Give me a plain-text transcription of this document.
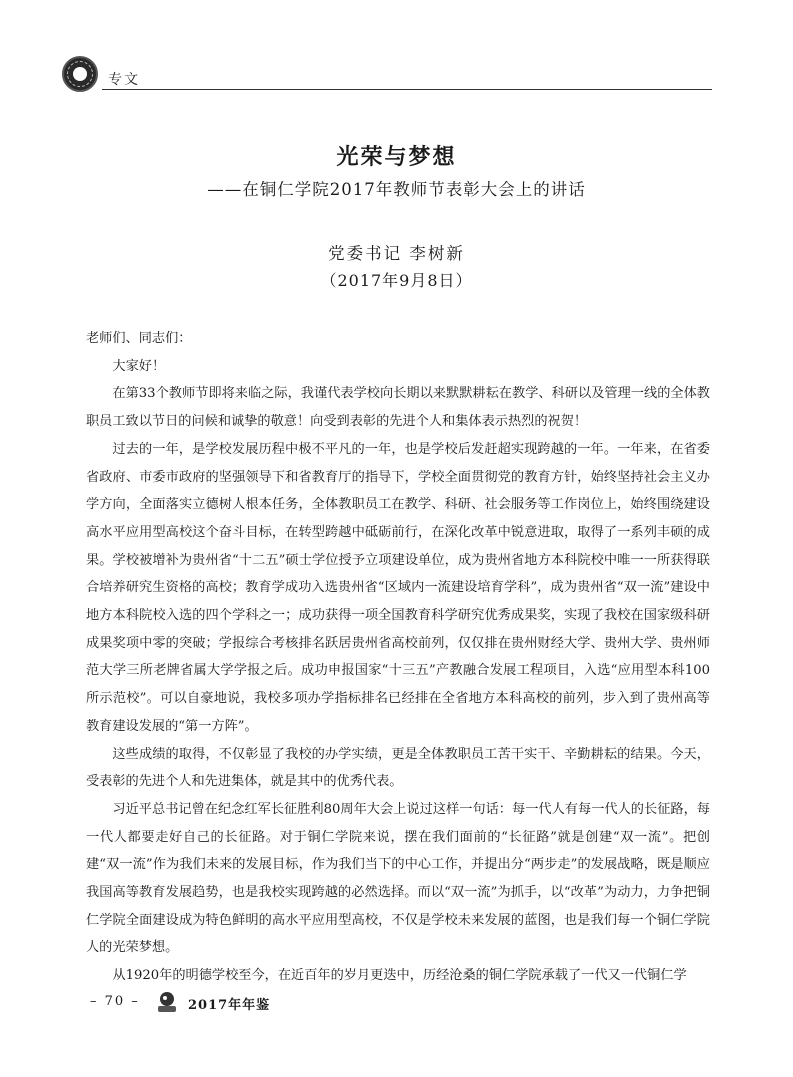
专文
光荣与梦想
——在铜仁学院2017年教师节表彰大会上的讲话
党委书记 李树新
（2017年9月8日）

老师们、同志们：

大家好！

在第33个教师节即将来临之际，我谨代表学校向长期以来默默耕耘在教学、科研以及管理一线的全体教职员工致以节日的问候和诚挚的敬意！向受到表彰的先进个人和集体表示热烈的祝贺！

过去的一年，是学校发展历程中极不平凡的一年，也是学校后发赶超实现跨越的一年。一年来，在省委省政府、市委市政府的坚强领导下和省教育厅的指导下，学校全面贯彻党的教育方针，始终坚持社会主义办学方向，全面落实立德树人根本任务，全体教职员工在教学、科研、社会服务等工作岗位上，始终围绕建设高水平应用型高校这个奋斗目标，在转型跨越中砥砺前行，在深化改革中锐意进取，取得了一系列丰硕的成果。学校被增补为贵州省“十二五”硕士学位授予立项建设单位，成为贵州省地方本科院校中唯一一所获得联合培养研究生资格的高校；教育学成功入选贵州省“区域内一流建设培育学科”，成为贵州省“双一流”建设中地方本科院校入选的四个学科之一；成功获得一项全国教育科学研究优秀成果奖，实现了我校在国家级科研成果奖项中零的突破；学报综合考核排名跃居贵州省高校前列，仅仅排在贵州财经大学、贵州大学、贵州师范大学三所老牌省属大学学报之后。成功申报国家“十三五”产教融合发展工程项目，入选“应用型本科100所示范校”。可以自豪地说，我校多项办学指标排名已经排在全省地方本科高校的前列，步入到了贵州高等教育建设发展的“第一方阵”。

这些成绩的取得，不仅彰显了我校的办学实绩，更是全体教职员工苦干实干、辛勤耕耘的结果。今天，受表彰的先进个人和先进集体，就是其中的优秀代表。

习近平总书记曾在纪念红军长征胜利80周年大会上说过这样一句话：每一代人有每一代人的长征路，每一代人都要走好自己的长征路。对于铜仁学院来说，摆在我们面前的“长征路”就是创建“双一流”。把创建“双一流”作为我们未来的发展目标，作为我们当下的中心工作，并提出分“两步走”的发展战略，既是顺应我国高等教育发展趋势，也是我校实现跨越的必然选择。而以“双一流”为抓手，以“改革”为动力，力争把铜仁学院全面建设成为特色鲜明的高水平应用型高校，不仅是学校未来发展的蓝图，也是我们每一个铜仁学院人的光荣梦想。

从1920年的明德学校至今，在近百年的岁月更迭中，历经沧桑的铜仁学院承载了一代又一代铜仁学

– 70 –	2017年年鉴
